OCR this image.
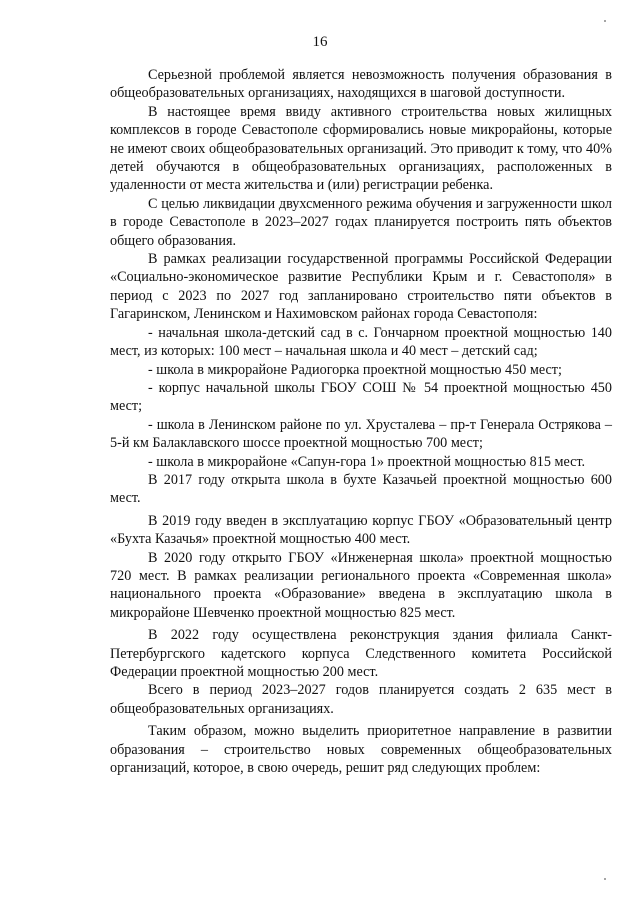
16

Серьезной проблемой является невозможность получения образования в общеобразовательных организациях, находящихся в шаговой доступности.

В настоящее время ввиду активного строительства новых жилищных комплексов в городе Севастополе сформировались новые микрорайоны, которые не имеют своих общеобразовательных организаций. Это приводит к тому, что 40% детей обучаются в общеобразовательных организациях, расположенных в удаленности от места жительства и (или) регистрации ребенка.

С целью ликвидации двухсменного режима обучения и загруженности школ в городе Севастополе в 2023–2027 годах планируется построить пять объектов общего образования.

В рамках реализации государственной программы Российской Федерации «Социально-экономическое развитие Республики Крым и г. Севастополя» в период с 2023 по 2027 год запланировано строительство пяти объектов в Гагаринском, Ленинском и Нахимовском районах города Севастополя:

- начальная школа-детский сад в с. Гончарном проектной мощностью 140 мест, из которых: 100 мест – начальная школа и 40 мест – детский сад;

- школа в микрорайоне Радиогорка проектной мощностью 450 мест;

- корпус начальной школы ГБОУ СОШ № 54 проектной мощностью 450 мест;

- школа в Ленинском районе по ул. Хрусталева – пр-т Генерала Острякова – 5-й км Балаклавского шоссе проектной мощностью 700 мест;

- школа в микрорайоне «Сапун-гора 1» проектной мощностью 815 мест.

В 2017 году открыта школа в бухте Казачьей проектной мощностью 600 мест.

В 2019 году введен в эксплуатацию корпус ГБОУ «Образовательный центр «Бухта Казачья» проектной мощностью 400 мест.

В 2020 году открыто ГБОУ «Инженерная школа» проектной мощностью 720 мест. В рамках реализации регионального проекта «Современная школа» национального проекта «Образование» введена в эксплуатацию школа в микрорайоне Шевченко проектной мощностью 825 мест.

В 2022 году осуществлена реконструкция здания филиала Санкт-Петербургского кадетского корпуса Следственного комитета Российской Федерации проектной мощностью 200 мест.

Всего в период 2023–2027 годов планируется создать 2 635 мест в общеобразовательных организациях.

Таким образом, можно выделить приоритетное направление в развитии образования – строительство новых современных общеобразовательных организаций, которое, в свою очередь, решит ряд следующих проблем:
